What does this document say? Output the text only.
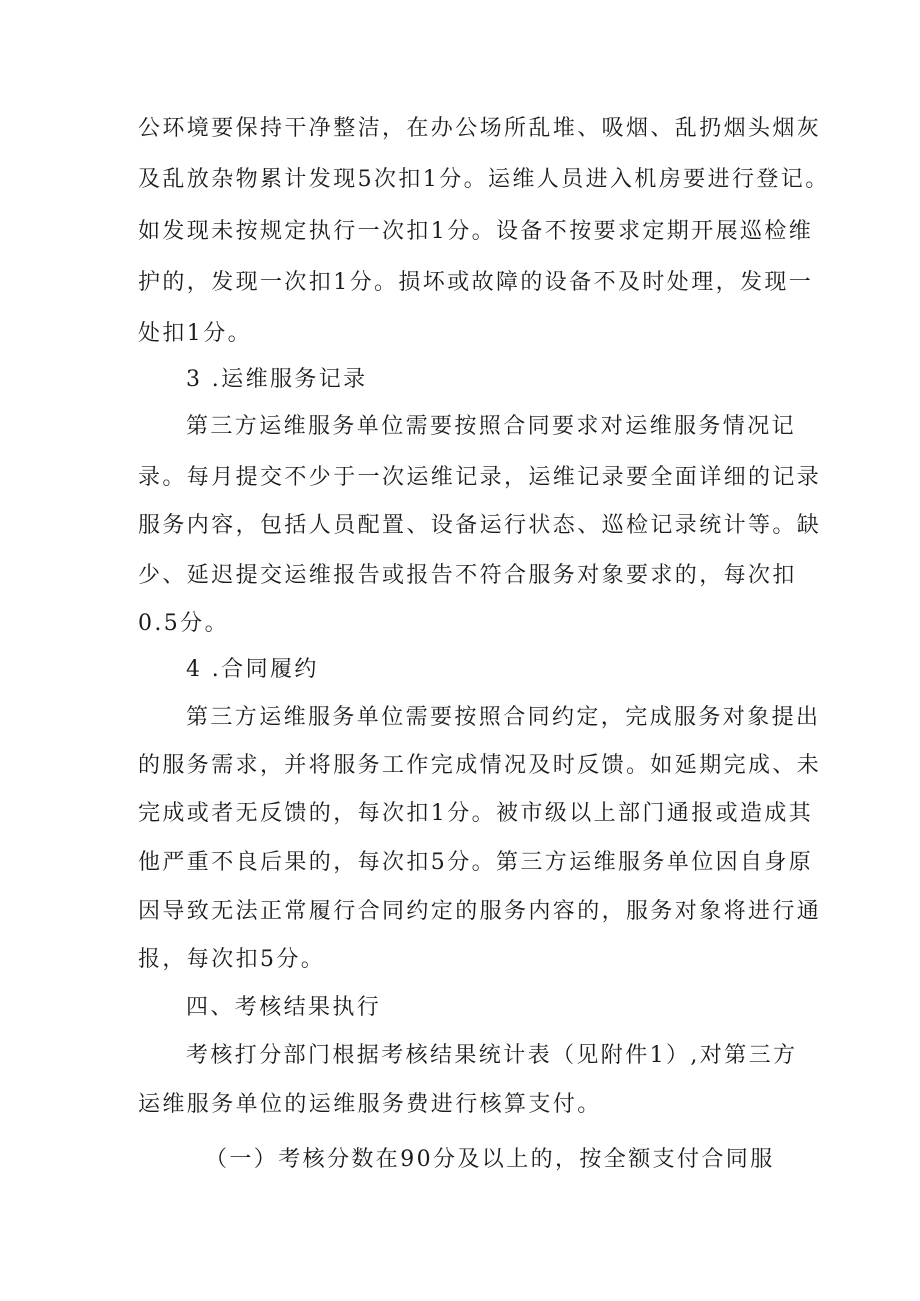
公环境要保持干净整洁，在办公场所乱堆、吸烟、乱扔烟头烟灰
及乱放杂物累计发现5次扣1分。运维人员进入机房要进行登记。
如发现未按规定执行一次扣1分。设备不按要求定期开展巡检维
护的，发现一次扣1分。损坏或故障的设备不及时处理，发现一
处扣1分。
3 .运维服务记录
第三方运维服务单位需要按照合同要求对运维服务情况记
录。每月提交不少于一次运维记录，运维记录要全面详细的记录
服务内容，包括人员配置、设备运行状态、巡检记录统计等。缺
少、延迟提交运维报告或报告不符合服务对象要求的，每次扣
0.5分。
4 .合同履约
第三方运维服务单位需要按照合同约定，完成服务对象提出
的服务需求，并将服务工作完成情况及时反馈。如延期完成、未
完成或者无反馈的，每次扣1分。被市级以上部门通报或造成其
他严重不良后果的，每次扣5分。第三方运维服务单位因自身原
因导致无法正常履行合同约定的服务内容的，服务对象将进行通
报，每次扣5分。
四、考核结果执行
考核打分部门根据考核结果统计表（见附件1）,对第三方
运维服务单位的运维服务费进行核算支付。
（一）考核分数在90分及以上的，按全额支付合同服
